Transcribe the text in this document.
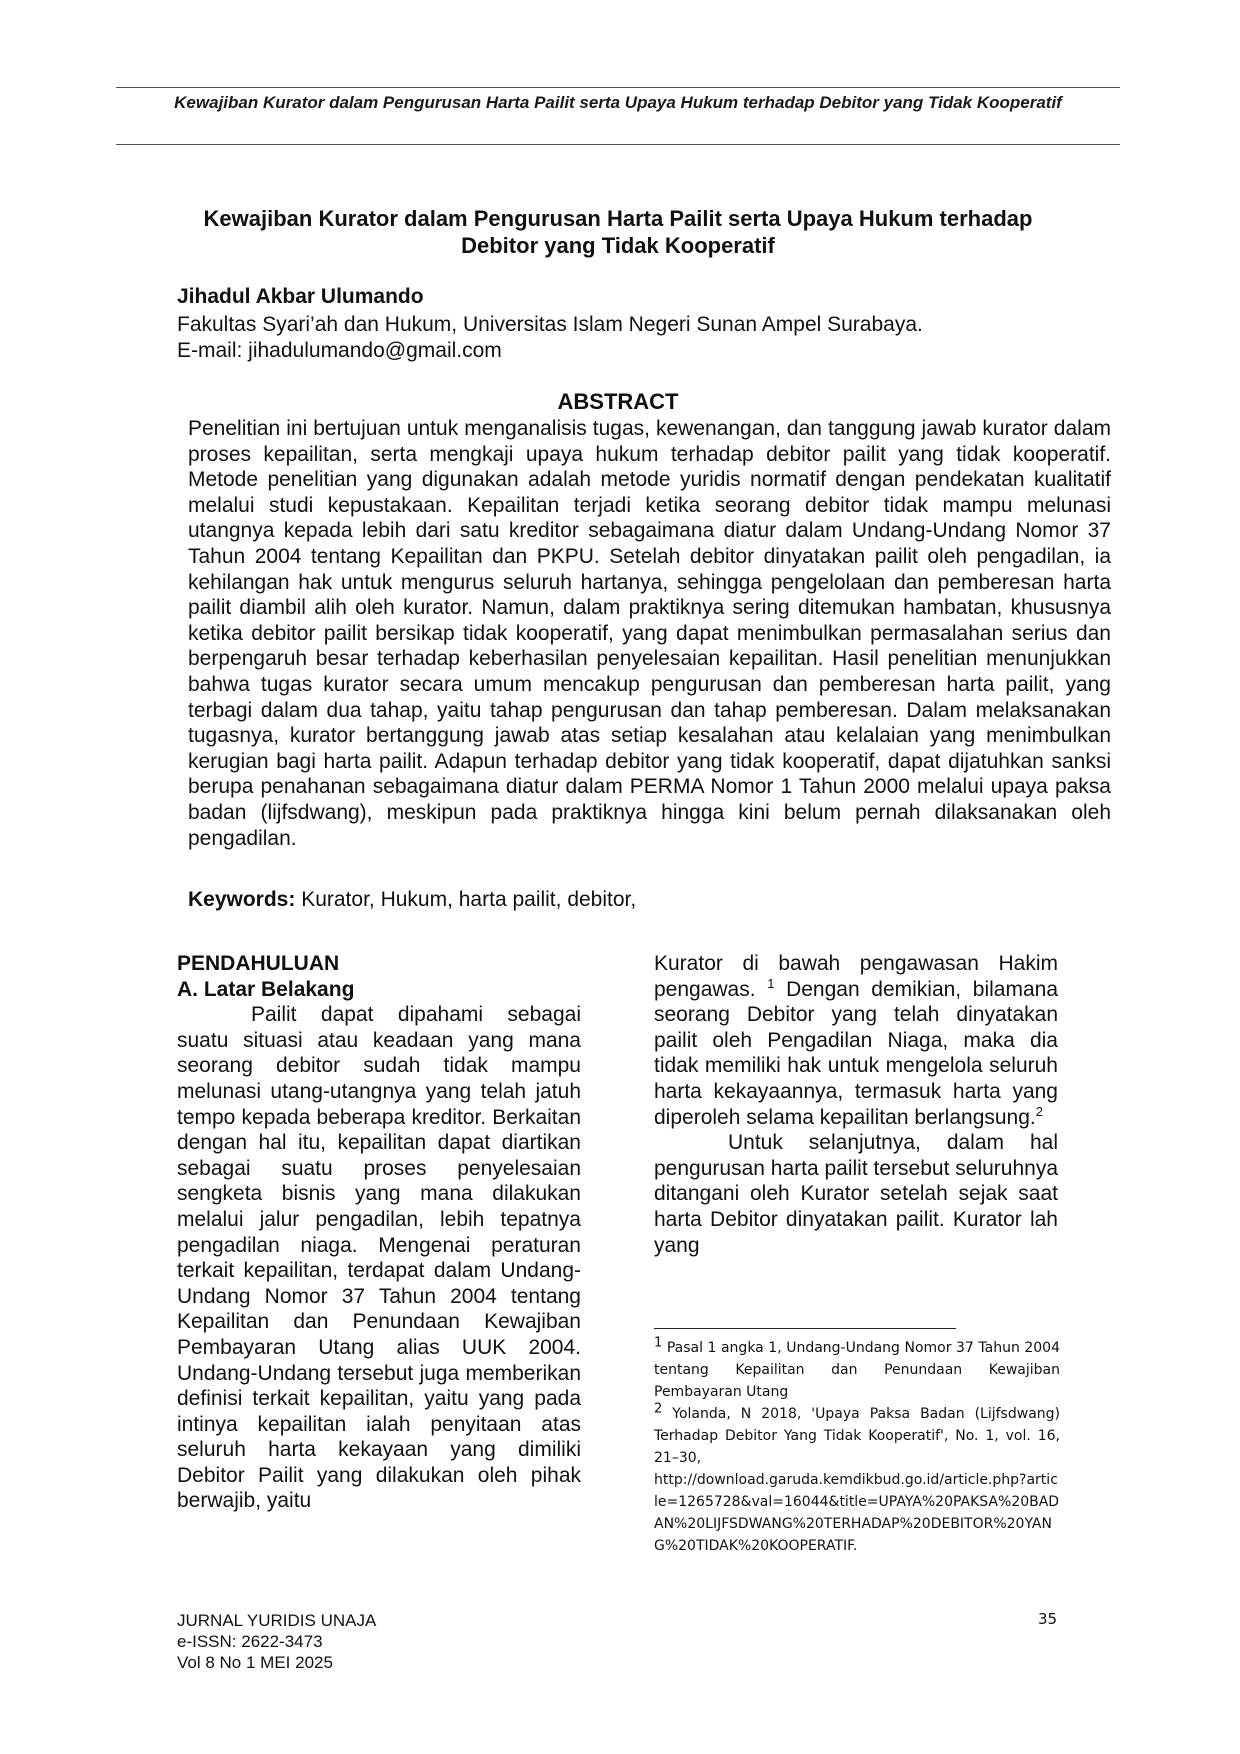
Kewajiban Kurator dalam Pengurusan Harta Pailit serta Upaya Hukum terhadap Debitor yang Tidak Kooperatif
Kewajiban Kurator dalam Pengurusan Harta Pailit serta Upaya Hukum terhadap
Debitor yang Tidak Kooperatif
Jihadul Akbar Ulumando
Fakultas Syari’ah dan Hukum, Universitas Islam Negeri Sunan Ampel Surabaya.
E-mail: jihadulumando@gmail.com
ABSTRACT

Penelitian ini bertujuan untuk menganalisis tugas, kewenangan, dan tanggung jawab kurator dalam proses kepailitan, serta mengkaji upaya hukum terhadap debitor pailit yang tidak kooperatif. Metode penelitian yang digunakan adalah metode yuridis normatif dengan pendekatan kualitatif melalui studi kepustakaan. Kepailitan terjadi ketika seorang debitor tidak mampu melunasi utangnya kepada lebih dari satu kreditor sebagaimana diatur dalam Undang-Undang Nomor 37 Tahun 2004 tentang Kepailitan dan PKPU. Setelah debitor dinyatakan pailit oleh pengadilan, ia kehilangan hak untuk mengurus seluruh hartanya, sehingga pengelolaan dan pemberesan harta pailit diambil alih oleh kurator. Namun, dalam praktiknya sering ditemukan hambatan, khususnya ketika debitor pailit bersikap tidak kooperatif, yang dapat menimbulkan permasalahan serius dan berpengaruh besar terhadap keberhasilan penyelesaian kepailitan. Hasil penelitian menunjukkan bahwa tugas kurator secara umum mencakup pengurusan dan pemberesan harta pailit, yang terbagi dalam dua tahap, yaitu tahap pengurusan dan tahap pemberesan. Dalam melaksanakan tugasnya, kurator bertanggung jawab atas setiap kesalahan atau kelalaian yang menimbulkan kerugian bagi harta pailit. Adapun terhadap debitor yang tidak kooperatif, dapat dijatuhkan sanksi berupa penahanan sebagaimana diatur dalam PERMA Nomor 1 Tahun 2000 melalui upaya paksa badan (lijfsdwang), meskipun pada praktiknya hingga kini belum pernah dilaksanakan oleh pengadilan.

Keywords: Kurator, Hukum, harta pailit, debitor,
PENDAHULUAN
A. Latar Belakang

Pailit dapat dipahami sebagai suatu situasi atau keadaan yang mana seorang debitor sudah tidak mampu melunasi utang-utangnya yang telah jatuh tempo kepada beberapa kreditor. Berkaitan dengan hal itu, kepailitan dapat diartikan sebagai suatu proses penyelesaian sengketa bisnis yang mana dilakukan melalui jalur pengadilan, lebih tepatnya pengadilan niaga. Mengenai peraturan terkait kepailitan, terdapat dalam Undang-Undang Nomor 37 Tahun 2004 tentang Kepailitan dan Penundaan Kewajiban Pembayaran Utang alias UUK 2004. Undang-Undang tersebut juga memberikan definisi terkait kepailitan, yaitu yang pada intinya kepailitan ialah penyitaan atas seluruh harta kekayaan yang dimiliki Debitor Pailit yang dilakukan oleh pihak berwajib, yaitu

Kurator di bawah pengawasan Hakim pengawas. $^1$ Dengan demikian, bilamana seorang Debitor yang telah dinyatakan pailit oleh Pengadilan Niaga, maka dia tidak memiliki hak untuk mengelola seluruh harta kekayaannya, termasuk harta yang diperoleh selama kepailitan berlangsung.$^2$

Untuk selanjutnya, dalam hal pengurusan harta pailit tersebut seluruhnya ditangani oleh Kurator setelah sejak saat harta Debitor dinyatakan pailit. Kurator lah yang

$^1$ Pasal 1 angka 1, Undang-Undang Nomor 37 Tahun 2004 tentang Kepailitan dan Penundaan Kewajiban Pembayaran Utang

$^2$ Yolanda, N 2018, 'Upaya Paksa Badan (Lijfsdwang) Terhadap Debitor Yang Tidak Kooperatif', No. 1, vol. 16, 21–30,

http://download.garuda.kemdikbud.go.id/article.php?article=1265728&val=16044&title=UPAYA%20PAKSA%20BADAN%20LIJFSDWANG%20TERHADAP%20DEBITOR%20YANG%20TIDAK%20KOOPERATIF.

35
JURNAL YURIDIS UNAJA
e-ISSN: 2622-3473
Vol 8 No 1 MEI 2025
